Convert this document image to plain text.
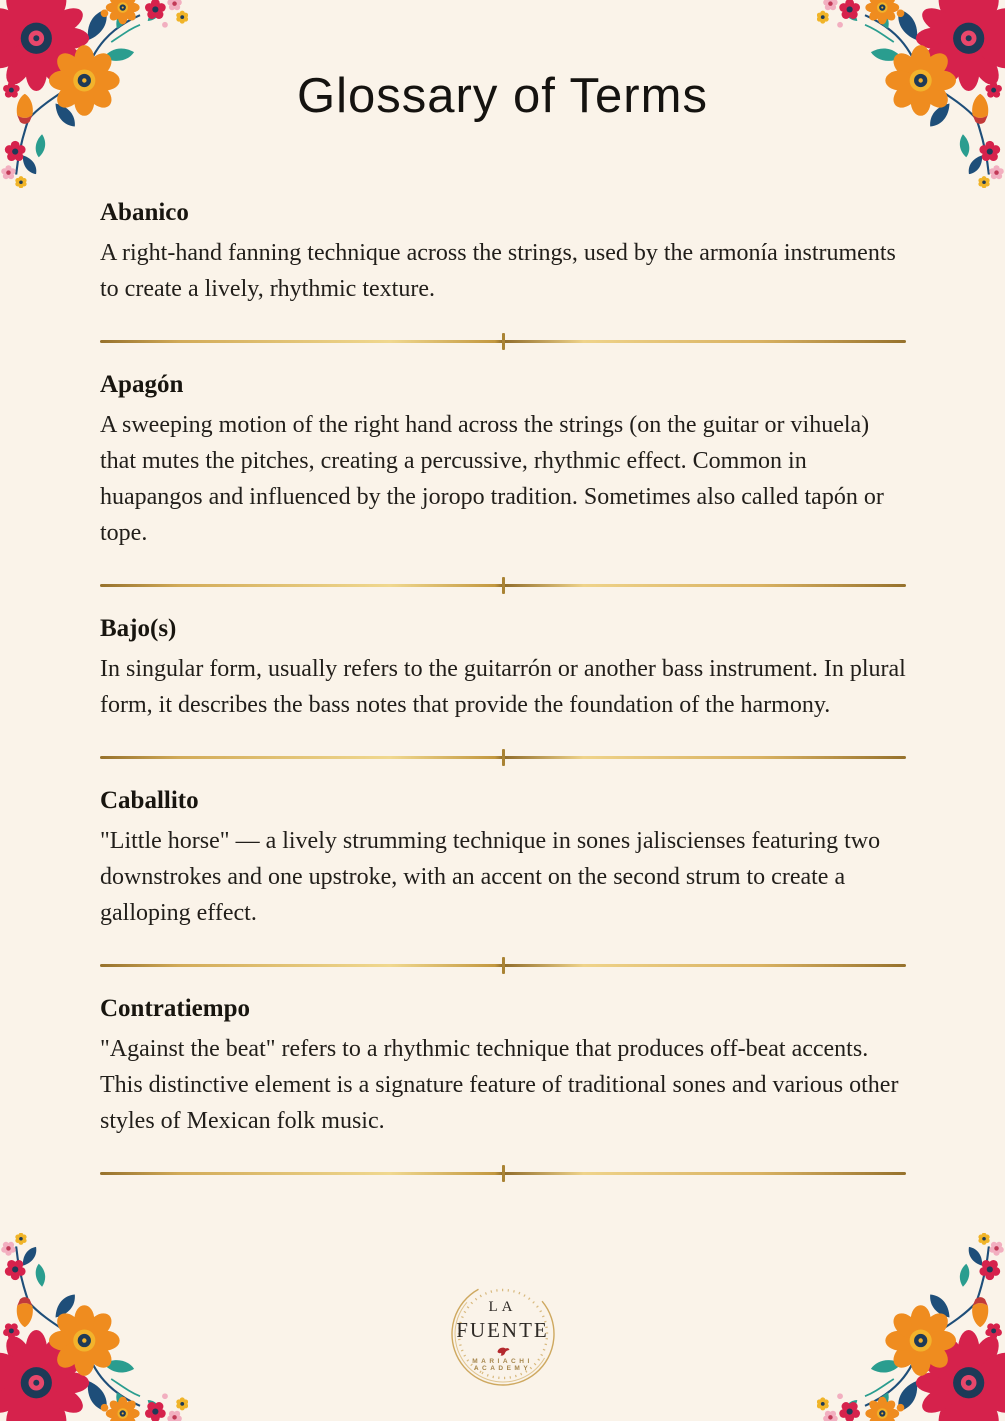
Glossary of Terms
Abanico

A right-hand fanning technique across the strings, used by the armonía instruments to create a lively, rhythmic texture.

Apagón

A sweeping motion of the right hand across the strings (on the guitar or vihuela) that mutes the pitches, creating a percussive, rhythmic effect. Common in huapangos and influenced by the joropo tradition. Sometimes also called tapón or tope.

Bajo(s)

In singular form, usually refers to the guitarrón or another bass instrument. In plural form, it describes the bass notes that provide the foundation of the harmony.

Caballito

"Little horse" — a lively strumming technique in sones jaliscienses featuring two downstrokes and one upstroke, with an accent on the second strum to create a galloping effect.

Contratiempo

"Against the beat" refers to a rhythmic technique that produces off-beat accents. This distinctive element is a signature feature of traditional sones and various other styles of Mexican folk music.

LA
FUENTE
MARIACHI
ACADEMY
